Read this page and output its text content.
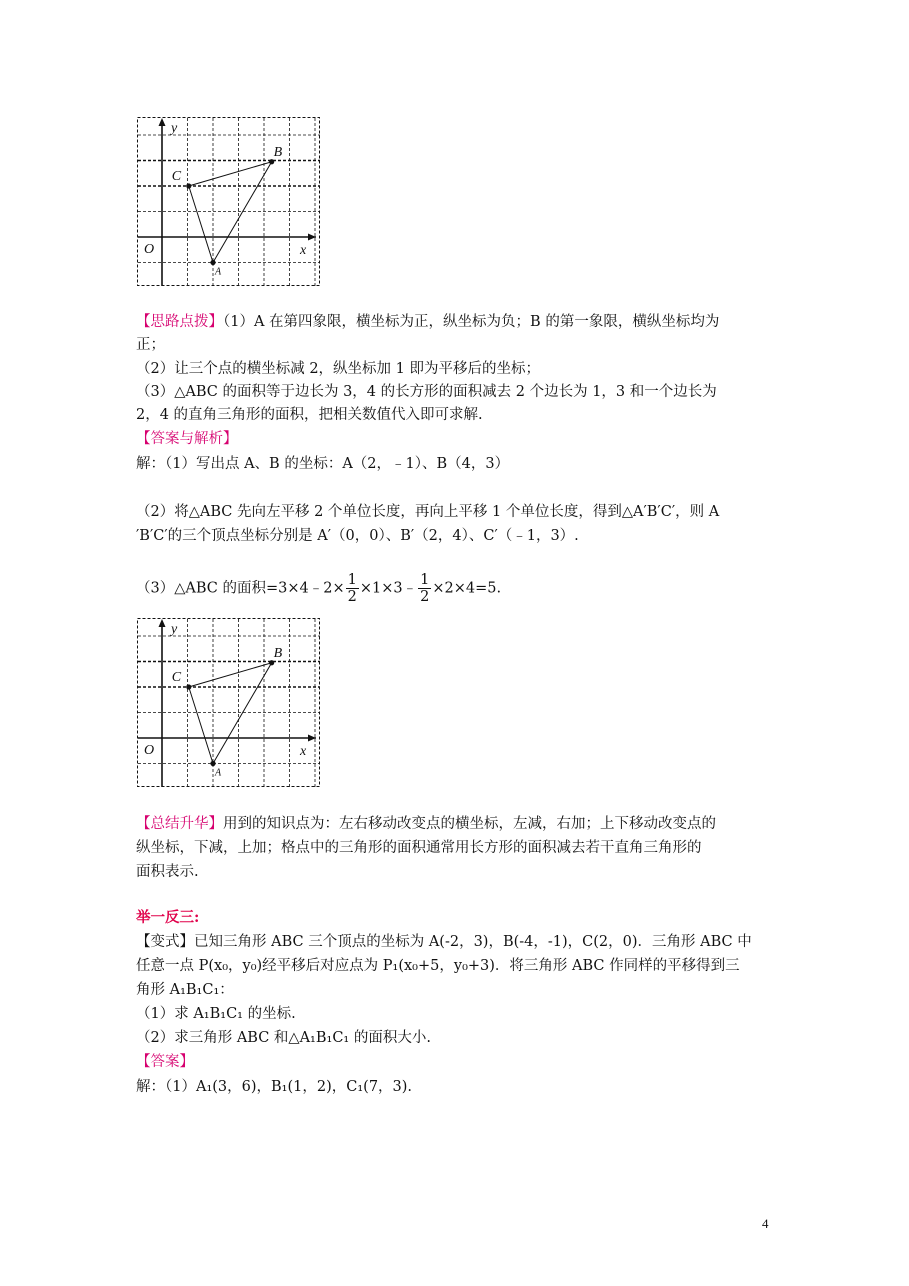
y
x
O
B
C
A
【思路点拨】（1）A 在第四象限，横坐标为正，纵坐标为负；B 的第一象限，横纵坐标均为
正；
（2）让三个点的横坐标减 2，纵坐标加 1 即为平移后的坐标；
（3）△ABC 的面积等于边长为 3，4 的长方形的面积减去 2 个边长为 1，3 和一个边长为
2，4 的直角三角形的面积，把相关数值代入即可求解.
【答案与解析】
解：（1）写出点 A、B 的坐标：A（2，﹣1）、B（4，3）
（2）将△ABC 先向左平移 2 个单位长度，再向上平移 1 个单位长度，得到△A′B′C′，则 A
′B′C′的三个顶点坐标分别是 A′（0，0）、B′（2，4）、C′（﹣1，3）.
（3）△ABC 的面积=3×4﹣2× $\frac{1}{2}$ ×1×3﹣ $\frac{1}{2} \times 2\times 4=5$.
y
x
O
B
C
A
【总结升华】用到的知识点为：左右移动改变点的横坐标，左减，右加；上下移动改变点的
纵坐标，下减，上加；格点中的三角形的面积通常用长方形的面积减去若干直角三角形的
面积表示.
举一反三:
【变式】已知三角形 ABC 三个顶点的坐标为 A(-2，3)，B(-4，-1)，C(2，0)．三角形 ABC 中
任意一点 P(x₀，y₀)经平移后对应点为 P₁(x₀+5，y₀+3)．将三角形 ABC 作同样的平移得到三
角形 A₁B₁C₁：
（1）求 A₁B₁C₁ 的坐标.
（2）求三角形 ABC 和△A₁B₁C₁ 的面积大小.
【答案】
解：（1）A₁(3，6)，B₁(1，2)，C₁(7，3).
4
